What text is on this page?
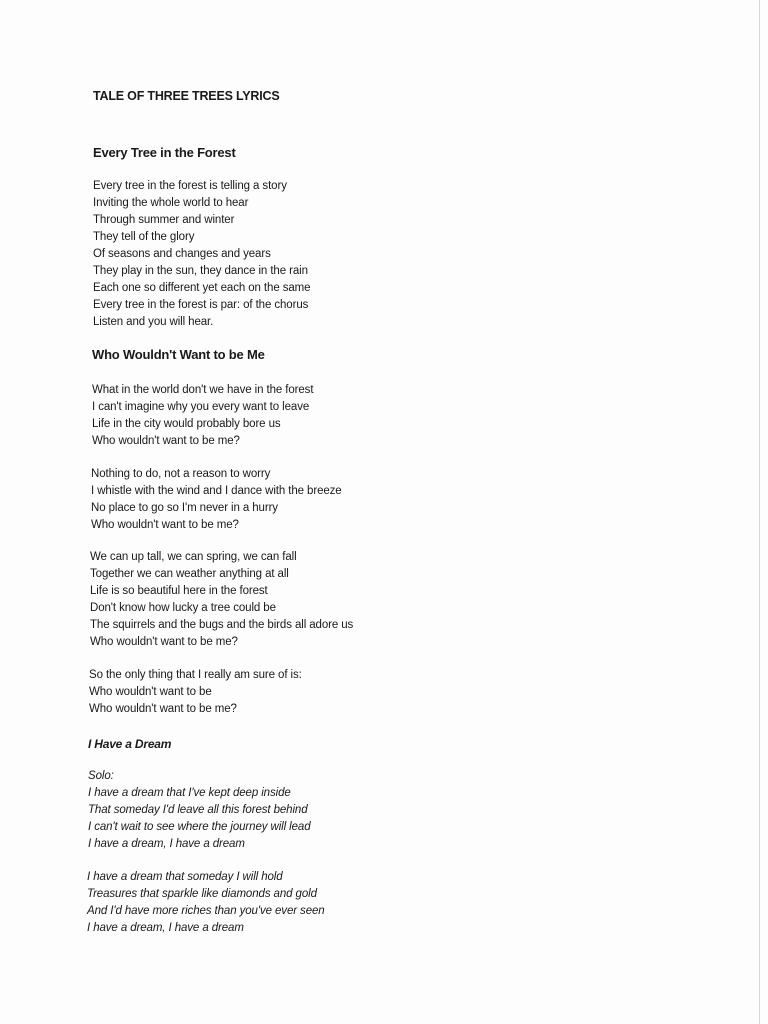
TALE OF THREE TREES LYRICS
Every Tree in the Forest
Every tree in the forest is telling a story
Inviting the whole world to hear
Through summer and winter
They tell of the glory
Of seasons and changes and years
They play in the sun, they dance in the rain
Each one so different yet each on the same
Every tree in the forest is par: of the chorus
Listen and you will hear.
Who Wouldn't Want to be Me
What in the world don't we have in the forest
I can't imagine why you every want to leave
Life in the city would probably bore us
Who wouldn't want to be me?
Nothing to do, not a reason to worry
I whistle with the wind and I dance with the breeze
No place to go so I'm never in a hurry
Who wouldn't want to be me?
We can up tall, we can spring, we can fall
Together we can weather anything at all
Life is so beautiful here in the forest
Don't know how lucky a tree could be
The squirrels and the bugs and the birds all adore us
Who wouldn't want to be me?
So the only thing that I really am sure of is:
Who wouldn't want to be
Who wouldn't want to be me?
I Have a Dream
Solo:
I have a dream that I've kept deep inside
That someday I'd leave all this forest behind
I can't wait to see where the journey will lead
I have a dream, I have a dream
I have a dream that someday I will hold
Treasures that sparkle like diamonds and gold
And I'd have more riches than you've ever seen
I have a dream, I have a dream
